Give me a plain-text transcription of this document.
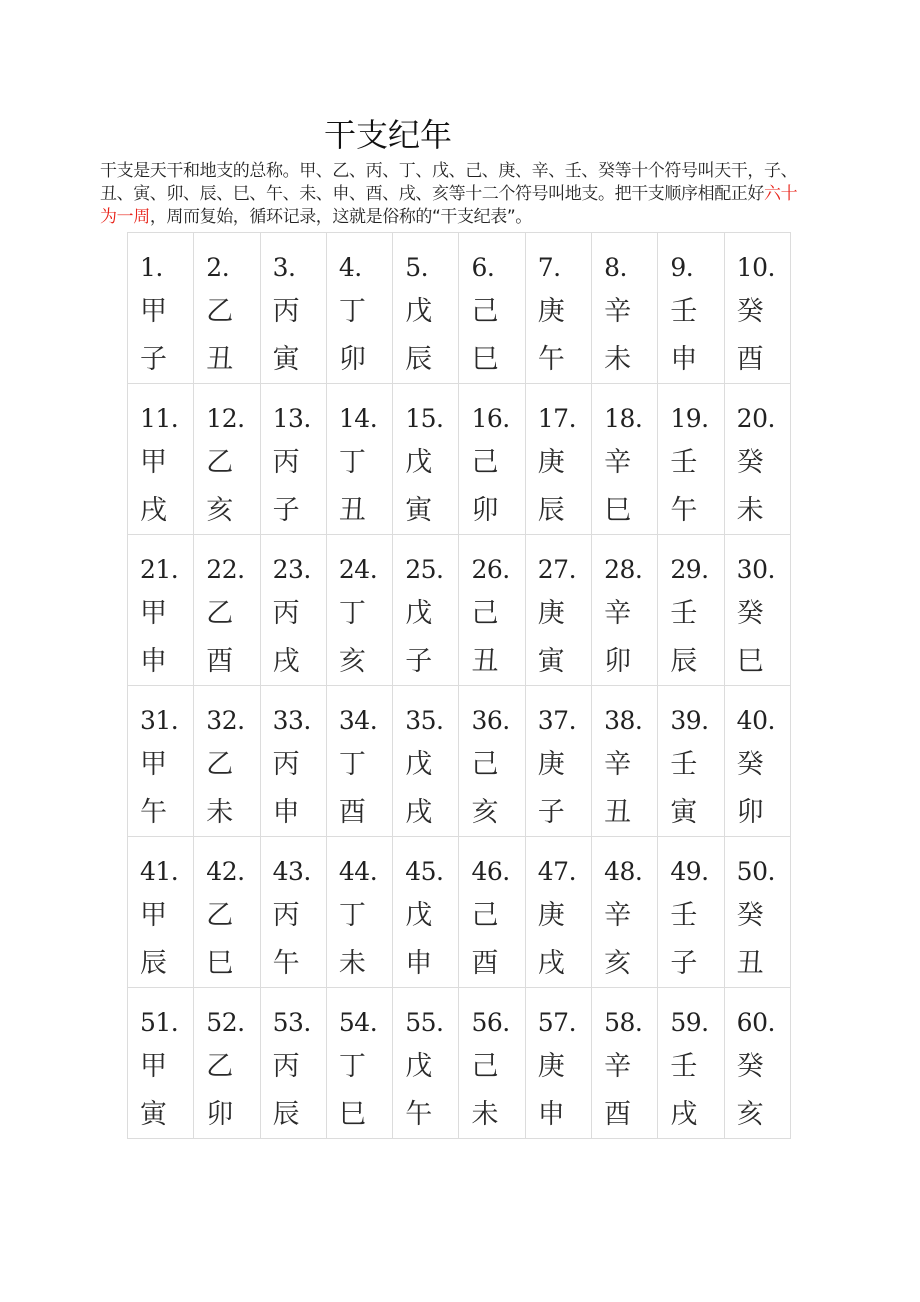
干支纪年

干支是天干和地支的总称。甲、乙、丙、丁、戊、己、庚、辛、壬、癸等十个符号叫天干，子、丑、寅、卯、辰、巳、午、未、申、酉、戌、亥等十二个符号叫地支。把干支顺序相配正好六十为一周，周而复始，循环记录，这就是俗称的“干支纪表”。

1.
甲
子	2.
乙
丑	3.
丙
寅	4.
丁
卯	5.
戊
辰	6.
己
巳	7.
庚
午	8.
辛
未	9.
壬
申	10.
癸
酉

11.
甲
戌	12.
乙
亥	13.
丙
子	14.
丁
丑	15.
戊
寅	16.
己
卯	17.
庚
辰	18.
辛
巳	19.
壬
午	20.
癸
未

21.
甲
申	22.
乙
酉	23.
丙
戌	24.
丁
亥	25.
戊
子	26.
己
丑	27.
庚
寅	28.
辛
卯	29.
壬
辰	30.
癸
巳

31.
甲
午	32.
乙
未	33.
丙
申	34.
丁
酉	35.
戊
戌	36.
己
亥	37.
庚
子	38.
辛
丑	39.
壬
寅	40.
癸
卯

41.
甲
辰	42.
乙
巳	43.
丙
午	44.
丁
未	45.
戊
申	46.
己
酉	47.
庚
戌	48.
辛
亥	49.
壬
子	50.
癸
丑

51.
甲
寅	52.
乙
卯	53.
丙
辰	54.
丁
巳	55.
戊
午	56.
己
未	57.
庚
申	58.
辛
酉	59.
壬
戌	60.
癸
亥
